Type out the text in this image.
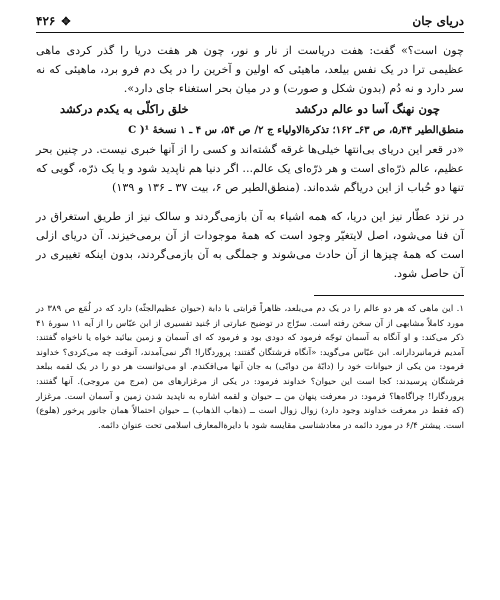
دریای جان
۴۲۶ ✥

چون است؟» گفت: هفت دریاست از نار و نور، چون هر هفت دریا را گذر کردی ماهی عظیمی ترا در یک نفس بیلعد، ماهیئی که اولین و آخرین را در یک دم فرو برد، ماهیئی که نه سر دارد و نه دُم (بدون شکل و صورت) و در میان بحر استغناء جای دارد».

چون نهنگ آسا دو عالم درکشد
خلق راکلّی به یکدم درکشد

منطق‌الطیر ۵٫۴۴، ص ۶۳ـ ۱۶۲؛ تذکرة‌الاولیاء ج ۲/ ص ۵۴، س ۴ ـ ۱ نسخهٔ C )¹

«در قعر این دریای بی‌انتها خیلی‌ها غرقه گشته‌اند و کسی را از آنها خبری نیست. در چنین بحر عظیم، عالم ذرّه‌ای است و هر ذرّه‌ای یک عالم... اگر دنیا هم ناپدید شود و یا یک ذرّه، گویی که تنها دو حُباب از این دریاگم شده‌اند. (منطق‌الطیر ص ۶، بیت ۳۷ ـ ۱۳۶ و ۱۳۹)

در نزد عطّار نیز این دریا، که همه اشیاء به آن بازمی‌گردند و سالک نیز از طریق استغراق در آن فنا می‌شود، اصل لایتغیّر وجود است که همهٔ موجودات از آن برمی‌خیزند. آن دریای ازلی است که همهٔ چیزها از آن حادث می‌شوند و جملگی به آن بازمی‌گردند، بدون اینکه تغییری در آن حاصل شود.

۱. این ماهی که هر دو عالم را در یک دم می‌بلعد، ظاهراً قرابتی با دابة (حیوان عظیم‌الجثّه) دارد که در لُمَع ص ۳۸۹ در مورد کاملاً مشابهی از آن سخن رفته است. سرّاج در توضیح عبارتی از جُنید تفسیری از ابن عبّاس را از آیه ۱۱ سورهٔ ۴۱ ذکر می‌کند: و او آنگاه به آسمان توجّه فرمود که دودی بود و فرمود که ای آسمان و زمین بیائید خواه یا ناخواه گفتند: آمدیم فرمانبردارانه. ابن عبّاس می‌گوید: «آنگاه فرشتگان گفتند: پروردگارا! اگر نمی‌آمدند، آنوقت چه می‌کردی؟ خداوند فرمود: من یکی از حیوانات خود را (دابّهٔ من دوابّی) به جان آنها می‌افکندم. او می‌توانست هر دو را در یک لقمه ببلعد فرشتگان پرسیدند: کجا است این حیوان؟ خداوند فرمود: در یکی از مرغزارهای من (مرج من مروجی). آنها گفتند: پروردگارا! چراگاه‌ها؟ فرمود: در معرفت پنهان من ــ حیوان و لقمه اشاره به ناپدید شدن زمین و آسمان است. مرغزار (که فقط در معرفت خداوند وجود دارد) زوال زوال است ــ (ذهاب الذهاب) ــ حیوان احتمالاً همان جانور پرخور (هلوع) است. پیشتر ۶/۴ در مورد دائمه در معادشناسی مقایسه شود با دایرة‌المعارف اسلامی تحت عنوان دائمه.
